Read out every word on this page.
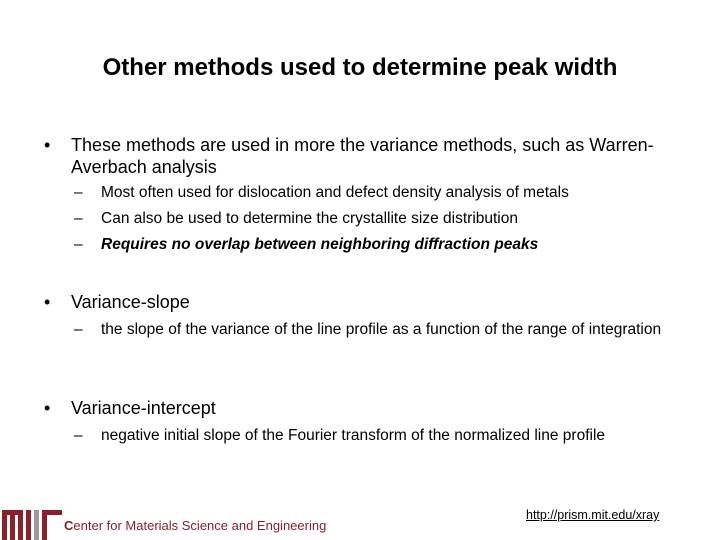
Other methods used to determine peak width
•	These methods are used in more the variance methods, such as Warren-Averbach analysis
–	Most often used for dislocation and defect density analysis of metals
–	Can also be used to determine the crystallite size distribution
–	Requires no overlap between neighboring diffraction peaks
•	Variance-slope
–	the slope of the variance of the line profile as a function of the range of integration
•	Variance-intercept
–	negative initial slope of the Fourier transform of the normalized line profile
Center for Materials Science and Engineering
http://prism.mit.edu/xray
